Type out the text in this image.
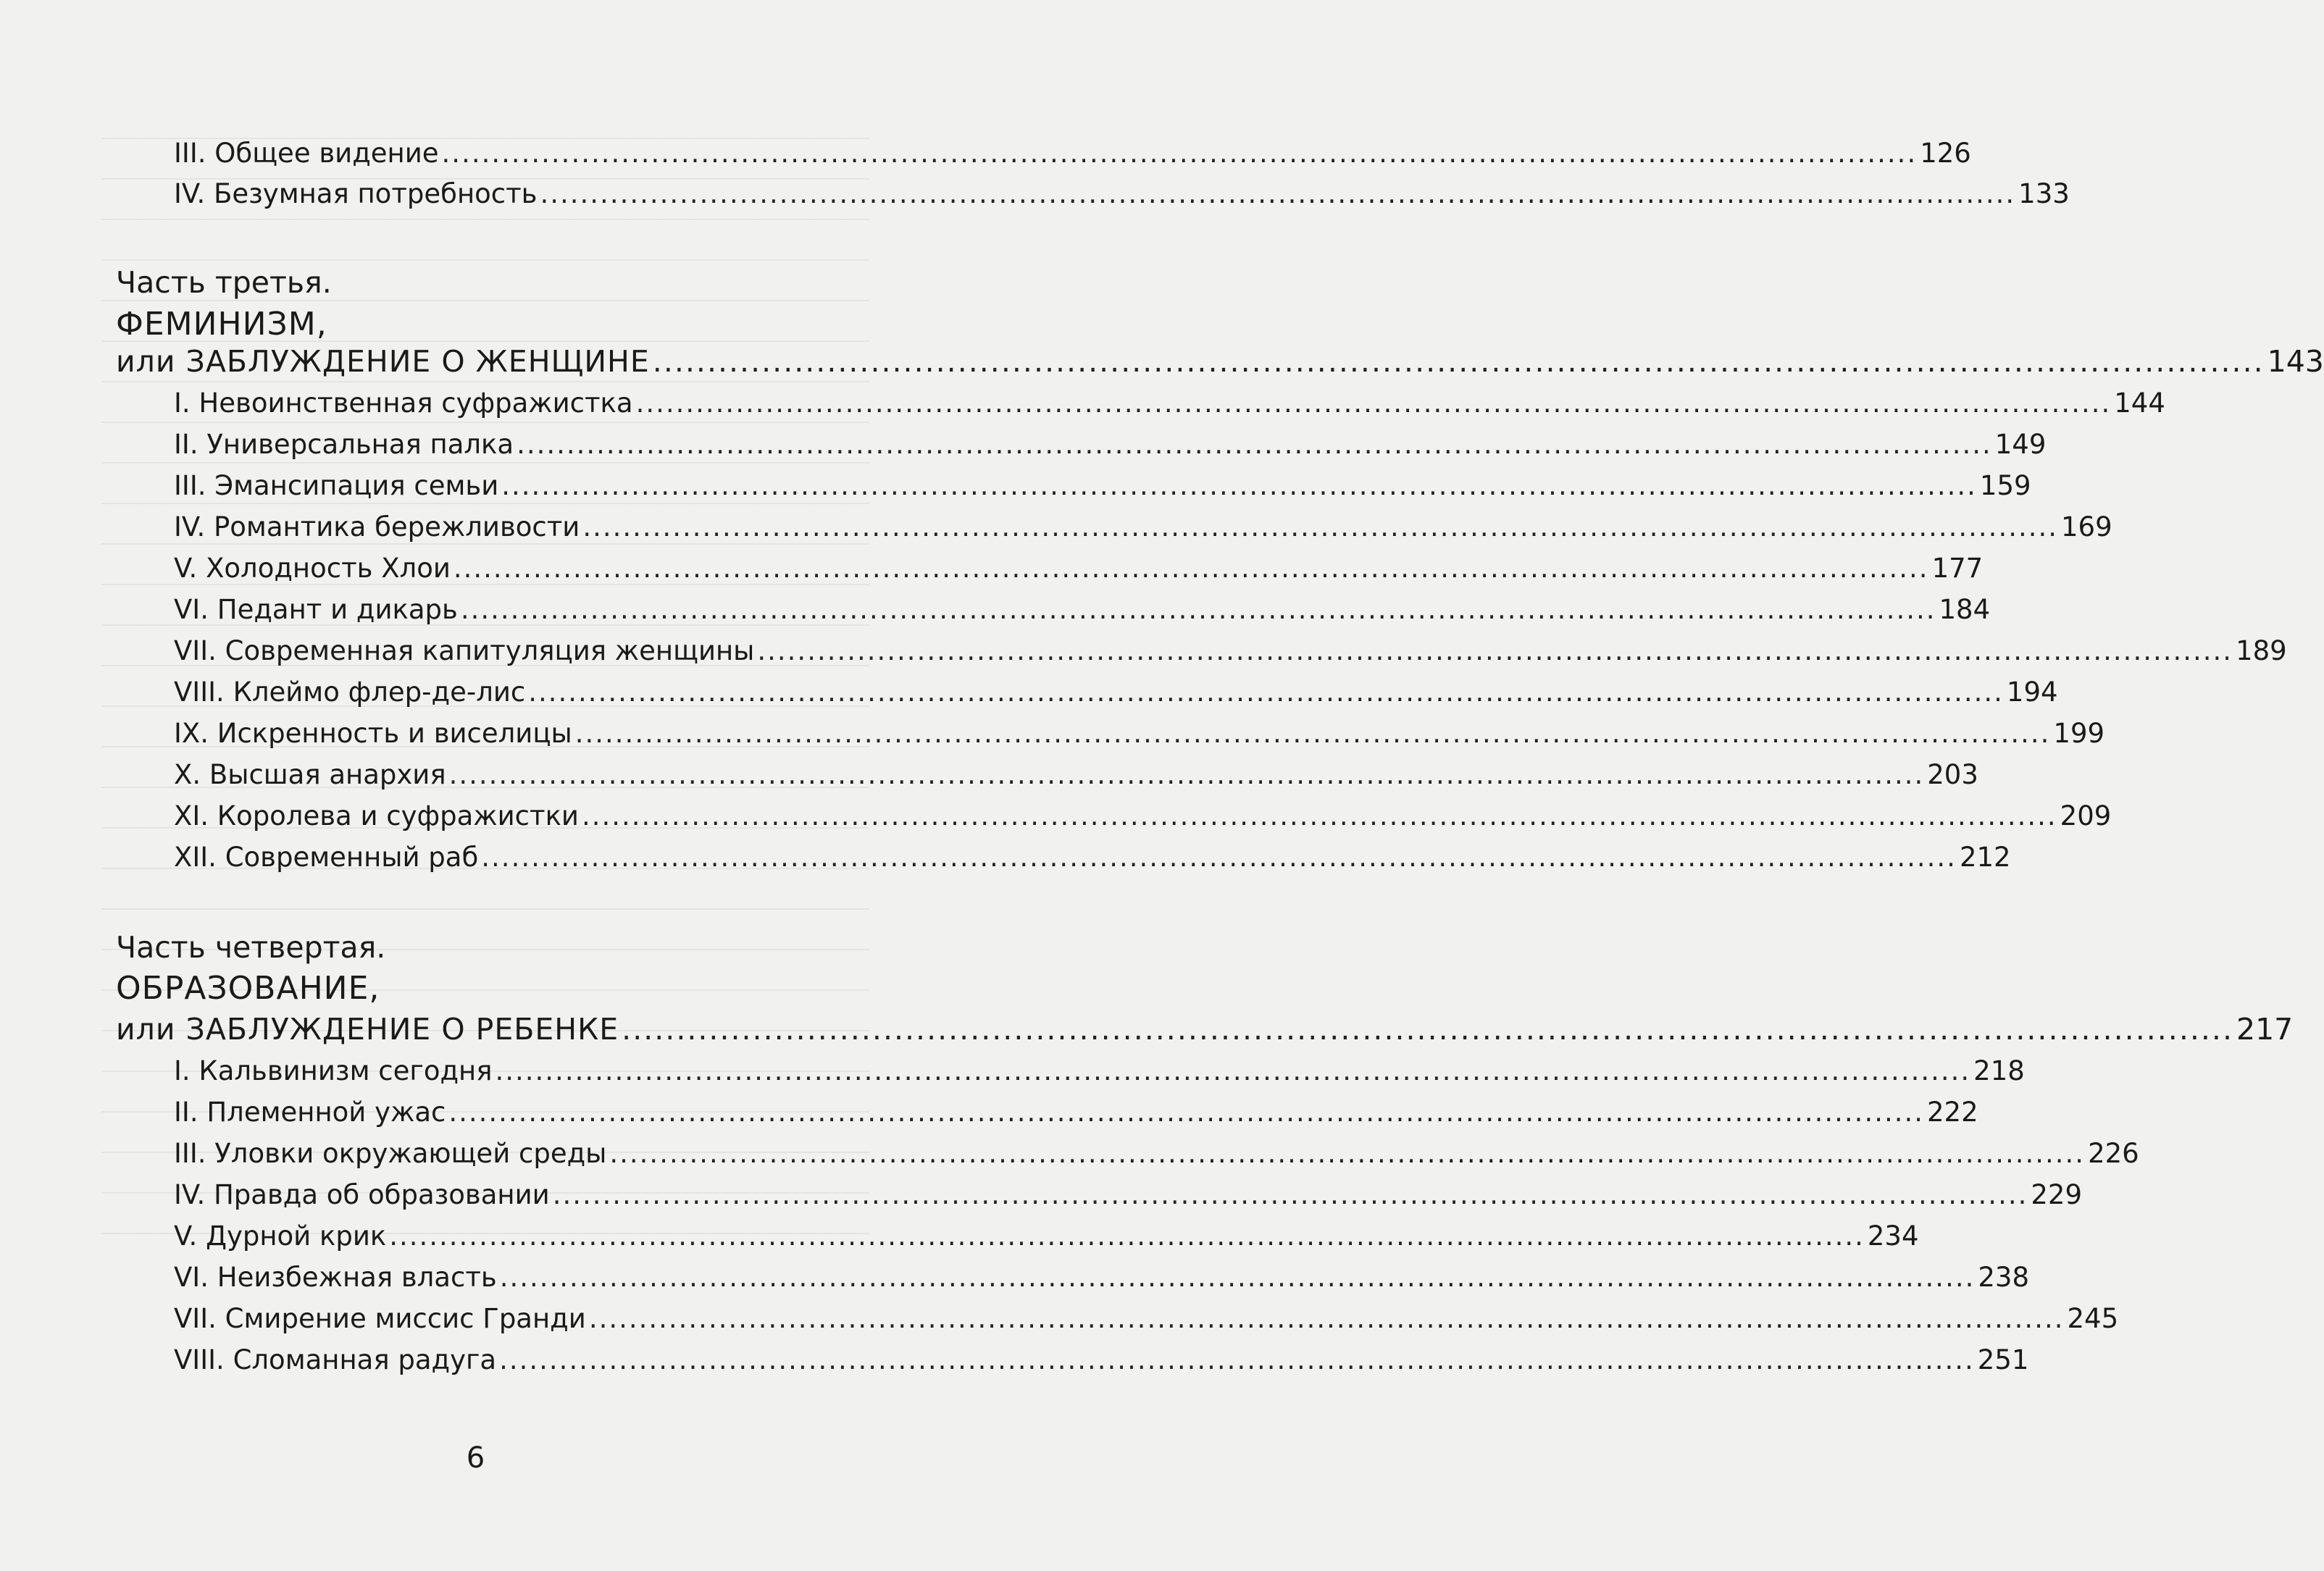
III. Общее видение .................................................................................................................................................... 126
IV. Безумная потребность .................................................................................................................................................... 133
Часть третья.
ФЕМИНИЗМ,
или ЗАБЛУЖДЕНИЕ О ЖЕНЩИНЕ .................................................................................................................................................... 143
I. Невоинственная суфражистка .................................................................................................................................................... 144
II. Универсальная палка .................................................................................................................................................... 149
III. Эмансипация семьи .................................................................................................................................................... 159
IV. Романтика бережливости .................................................................................................................................................... 169
V. Холодность Хлои .................................................................................................................................................... 177
VI. Педант и дикарь .................................................................................................................................................... 184
VII. Современная капитуляция женщины .................................................................................................................................................... 189
VIII. Клеймо флер-де-лис .................................................................................................................................................... 194
IX. Искренность и виселицы .................................................................................................................................................... 199
X. Высшая анархия .................................................................................................................................................... 203
XI. Королева и суфражистки .................................................................................................................................................... 209
XII. Современный раб .................................................................................................................................................... 212
Часть четвертая.
ОБРАЗОВАНИЕ,
или ЗАБЛУЖДЕНИЕ О РЕБЕНКЕ .................................................................................................................................................... 217
I. Кальвинизм сегодня .................................................................................................................................................... 218
II. Племенной ужас .................................................................................................................................................... 222
III. Уловки окружающей среды .................................................................................................................................................... 226
IV. Правда об образовании .................................................................................................................................................... 229
V. Дурной крик .................................................................................................................................................... 234
VI. Неизбежная власть .................................................................................................................................................... 238
VII. Смирение миссис Гранди .................................................................................................................................................... 245
VIII. Сломанная радуга .................................................................................................................................................... 251
6
